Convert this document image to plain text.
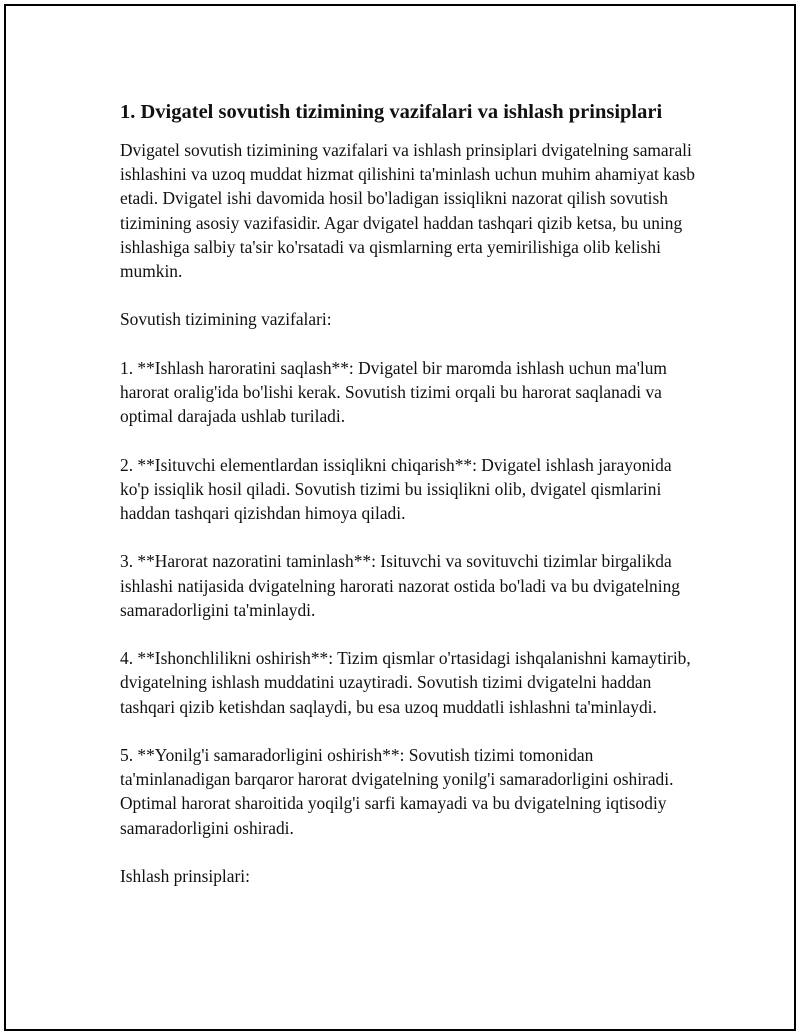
1. Dvigatel sovutish tizimining vazifalari va ishlash prinsiplari

Dvigatel sovutish tizimining vazifalari va ishlash prinsiplari dvigatelning samarali ishlashini va uzoq muddat hizmat qilishini ta'minlash uchun muhim ahamiyat kasb etadi. Dvigatel ishi davomida hosil bo'ladigan issiqlikni nazorat qilish sovutish tizimining asosiy vazifasidir. Agar dvigatel haddan tashqari qizib ketsa, bu uning ishlashiga salbiy ta'sir ko'rsatadi va qismlarning erta yemirilishiga olib kelishi mumkin.

Sovutish tizimining vazifalari:

1. **Ishlash haroratini saqlash**: Dvigatel bir maromda ishlash uchun ma'lum harorat oralig'ida bo'lishi kerak. Sovutish tizimi orqali bu harorat saqlanadi va optimal darajada ushlab turiladi.

2. **Isituvchi elementlardan issiqlikni chiqarish**: Dvigatel ishlash jarayonida ko'p issiqlik hosil qiladi. Sovutish tizimi bu issiqlikni olib, dvigatel qismlarini haddan tashqari qizishdan himoya qiladi.

3. **Harorat nazoratini taminlash**: Isituvchi va sovituvchi tizimlar birgalikda ishlashi natijasida dvigatelning harorati nazorat ostida bo'ladi va bu dvigatelning samaradorligini ta'minlaydi.

4. **Ishonchlilikni oshirish**: Tizim qismlar o'rtasidagi ishqalanishni kamaytirib, dvigatelning ishlash muddatini uzaytiradi. Sovutish tizimi dvigatelni haddan tashqari qizib ketishdan saqlaydi, bu esa uzoq muddatli ishlashni ta'minlaydi.

5. **Yonilg'i samaradorligini oshirish**: Sovutish tizimi tomonidan ta'minlanadigan barqaror harorat dvigatelning yonilg'i samaradorligini oshiradi. Optimal harorat sharoitida yoqilg'i sarfi kamayadi va bu dvigatelning iqtisodiy samaradorligini oshiradi.

Ishlash prinsiplari:
